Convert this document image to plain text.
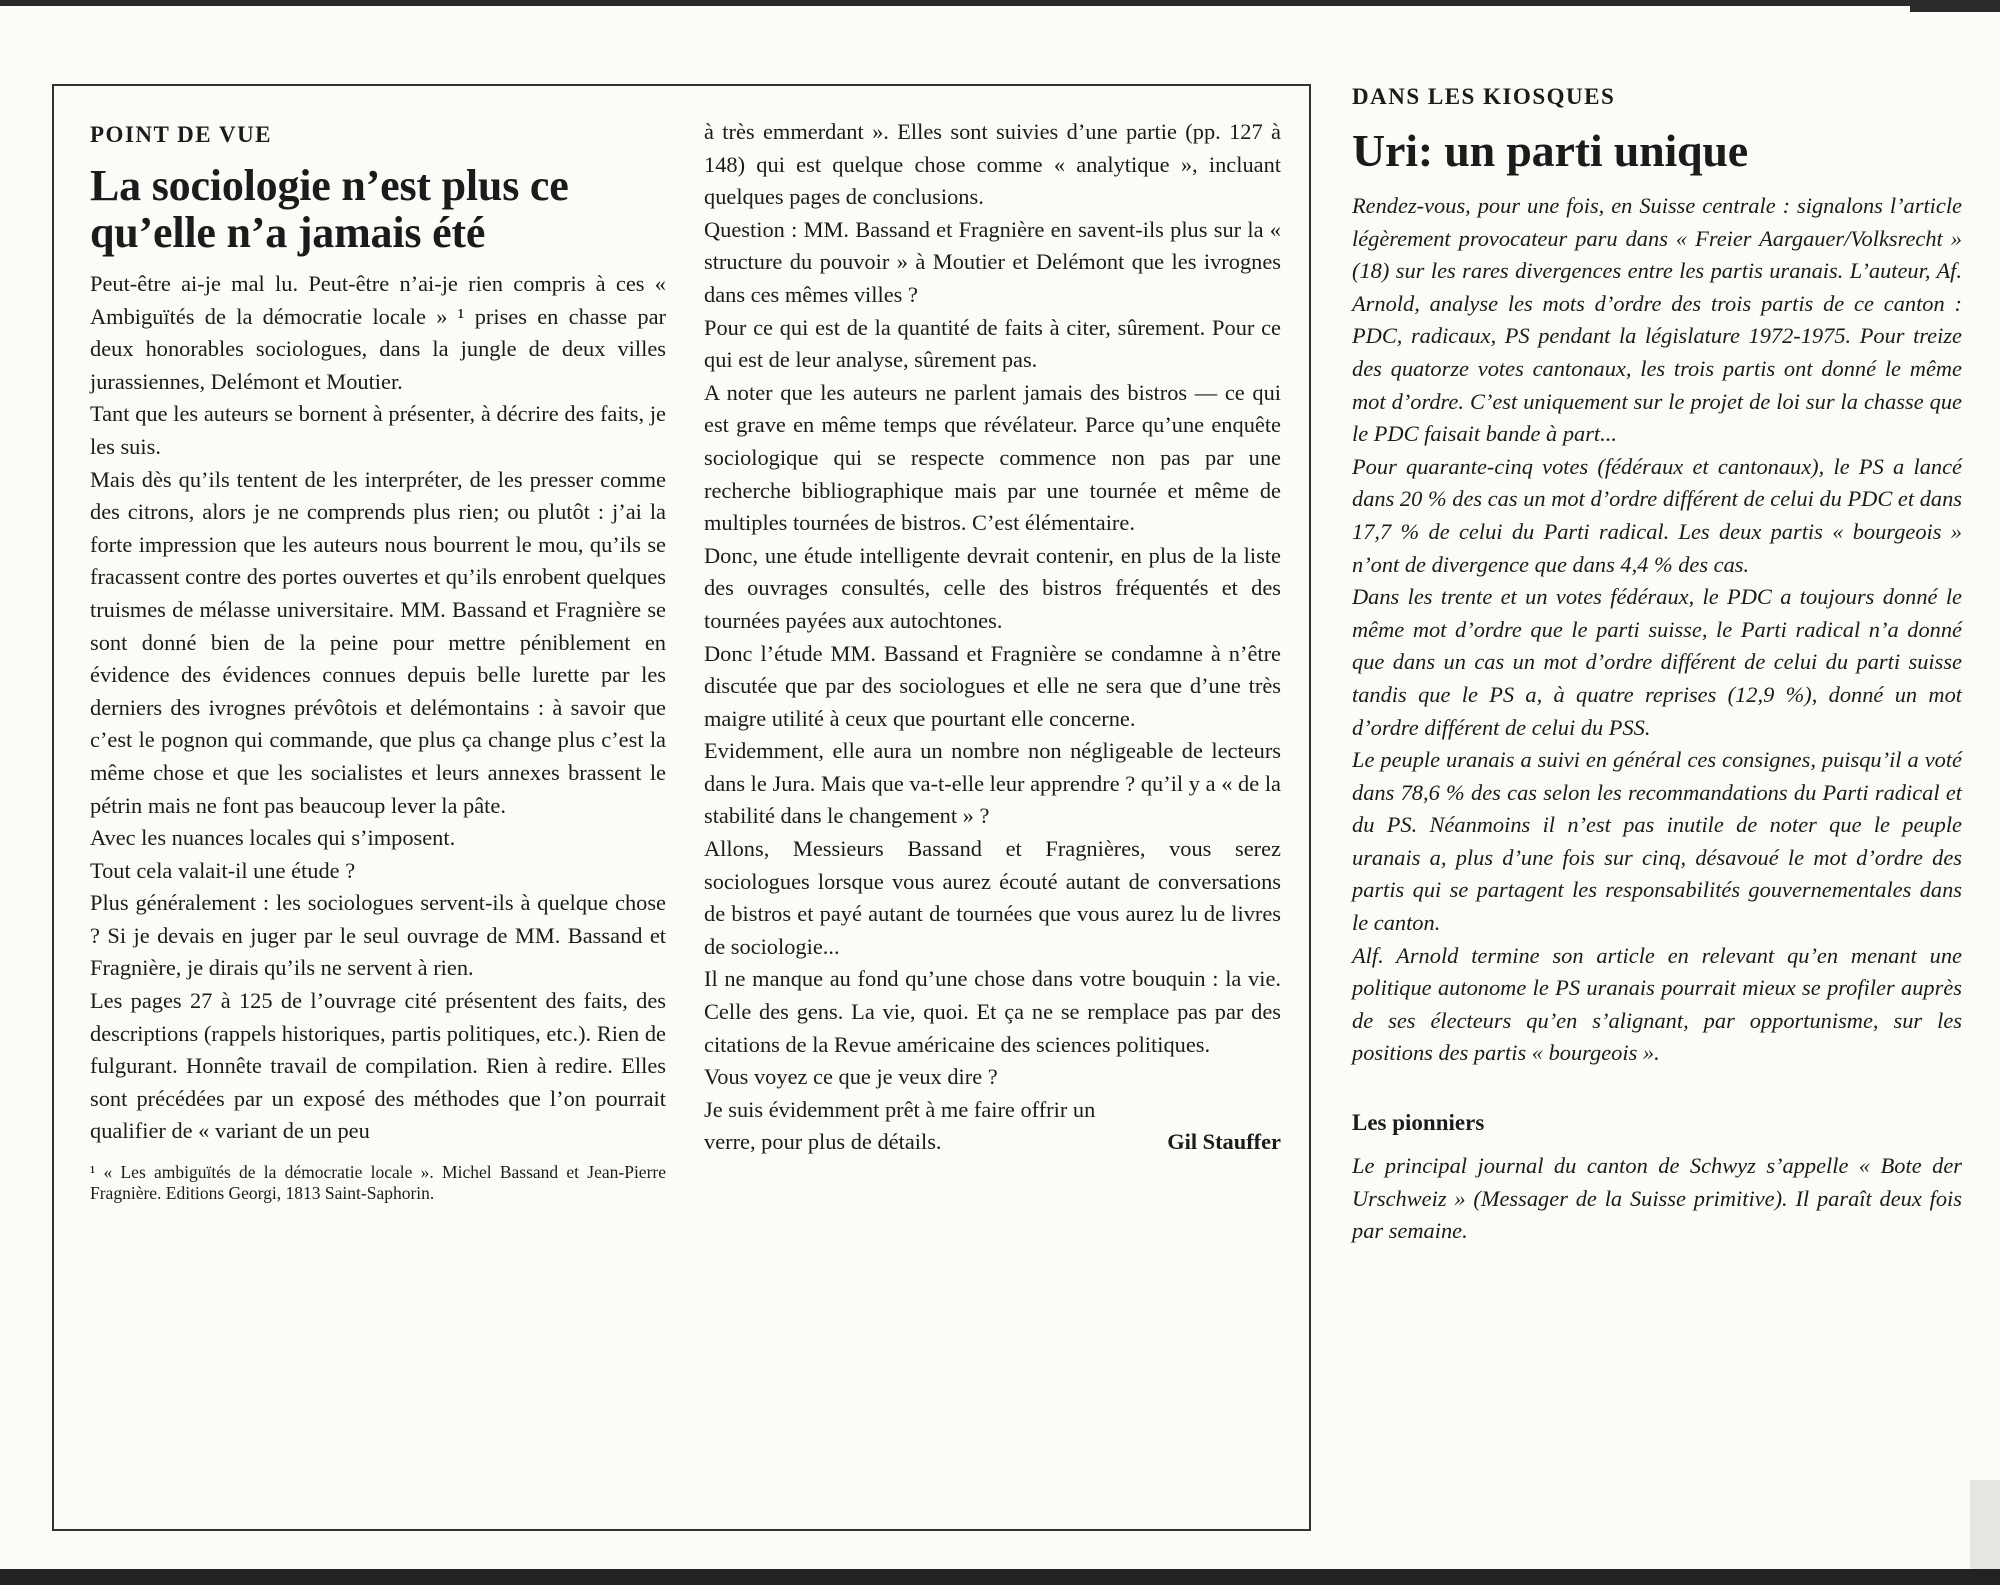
POINT DE VUE
La sociologie n’est plus ce qu’elle n’a jamais été

Peut-être ai-je mal lu. Peut-être n’ai-je rien compris à ces « Ambiguïtés de la démocratie locale » ¹ prises en chasse par deux honorables sociologues, dans la jungle de deux villes jurassiennes, Delémont et Moutier.

Tant que les auteurs se bornent à présenter, à décrire des faits, je les suis.

Mais dès qu’ils tentent de les interpréter, de les presser comme des citrons, alors je ne comprends plus rien; ou plutôt : j’ai la forte impression que les auteurs nous bourrent le mou, qu’ils se fracassent contre des portes ouvertes et qu’ils enrobent quelques truismes de mélasse universitaire. MM. Bassand et Fragnière se sont donné bien de la peine pour mettre péniblement en évidence des évidences connues depuis belle lurette par les derniers des ivrognes prévôtois et delémontains : à savoir que c’est le pognon qui commande, que plus ça change plus c’est la même chose et que les socialistes et leurs annexes brassent le pétrin mais ne font pas beaucoup lever la pâte.

Avec les nuances locales qui s’imposent.

Tout cela valait-il une étude ?

Plus généralement : les sociologues servent-ils à quelque chose ? Si je devais en juger par le seul ouvrage de MM. Bassand et Fragnière, je dirais qu’ils ne servent à rien.

Les pages 27 à 125 de l’ouvrage cité présentent des faits, des descriptions (rappels historiques, partis politiques, etc.). Rien de fulgurant. Honnête travail de compilation. Rien à redire. Elles sont précédées par un exposé des méthodes que l’on pourrait qualifier de « variant de un peu

¹ « Les ambiguïtés de la démocratie locale ». Michel Bassand et Jean-Pierre Fragnière. Editions Georgi, 1813 Saint-Saphorin.

à très emmerdant ». Elles sont suivies d’une partie (pp. 127 à 148) qui est quelque chose comme « analytique », incluant quelques pages de conclusions.

Question : MM. Bassand et Fragnière en savent-ils plus sur la « structure du pouvoir » à Moutier et Delémont que les ivrognes dans ces mêmes villes ?

Pour ce qui est de la quantité de faits à citer, sûrement. Pour ce qui est de leur analyse, sûrement pas.

A noter que les auteurs ne parlent jamais des bistros — ce qui est grave en même temps que révélateur. Parce qu’une enquête sociologique qui se respecte commence non pas par une recherche bibliographique mais par une tournée et même de multiples tournées de bistros. C’est élémentaire.

Donc, une étude intelligente devrait contenir, en plus de la liste des ouvrages consultés, celle des bistros fréquentés et des tournées payées aux autochtones.

Donc l’étude MM. Bassand et Fragnière se condamne à n’être discutée que par des sociologues et elle ne sera que d’une très maigre utilité à ceux que pourtant elle concerne.

Evidemment, elle aura un nombre non négligeable de lecteurs dans le Jura. Mais que va-t-elle leur apprendre ? qu’il y a « de la stabilité dans le changement » ?

Allons, Messieurs Bassand et Fragnières, vous serez sociologues lorsque vous aurez écouté autant de conversations de bistros et payé autant de tournées que vous aurez lu de livres de sociologie...

Il ne manque au fond qu’une chose dans votre bouquin : la vie. Celle des gens. La vie, quoi. Et ça ne se remplace pas par des citations de la Revue américaine des sciences politiques.

Vous voyez ce que je veux dire ?

Je suis évidemment prêt à me faire offrir un

verre, pour plus de détails.	Gil Stauffer

DANS LES KIOSQUES
Uri: un parti unique

Rendez-vous, pour une fois, en Suisse centrale : signalons l’article légèrement provocateur paru dans « Freier Aargauer/Volksrecht » (18) sur les rares divergences entre les partis uranais. L’auteur, Af. Arnold, analyse les mots d’ordre des trois partis de ce canton : PDC, radicaux, PS pendant la législature 1972-1975. Pour treize des quatorze votes cantonaux, les trois partis ont donné le même mot d’ordre. C’est uniquement sur le projet de loi sur la chasse que le PDC faisait bande à part...

Pour quarante-cinq votes (fédéraux et cantonaux), le PS a lancé dans 20 % des cas un mot d’ordre différent de celui du PDC et dans 17,7 % de celui du Parti radical. Les deux partis « bourgeois » n’ont de divergence que dans 4,4 % des cas.

Dans les trente et un votes fédéraux, le PDC a toujours donné le même mot d’ordre que le parti suisse, le Parti radical n’a donné que dans un cas un mot d’ordre différent de celui du parti suisse tandis que le PS a, à quatre reprises (12,9 %), donné un mot d’ordre différent de celui du PSS.

Le peuple uranais a suivi en général ces consignes, puisqu’il a voté dans 78,6 % des cas selon les recommandations du Parti radical et du PS. Néanmoins il n’est pas inutile de noter que le peuple uranais a, plus d’une fois sur cinq, désavoué le mot d’ordre des partis qui se partagent les responsabilités gouvernementales dans le canton.

Alf. Arnold termine son article en relevant qu’en menant une politique autonome le PS uranais pourrait mieux se profiler auprès de ses électeurs qu’en s’alignant, par opportunisme, sur les positions des partis « bourgeois ».

Les pionniers

Le principal journal du canton de Schwyz s’appelle « Bote der Urschweiz » (Messager de la Suisse primitive). Il paraît deux fois par semaine.
